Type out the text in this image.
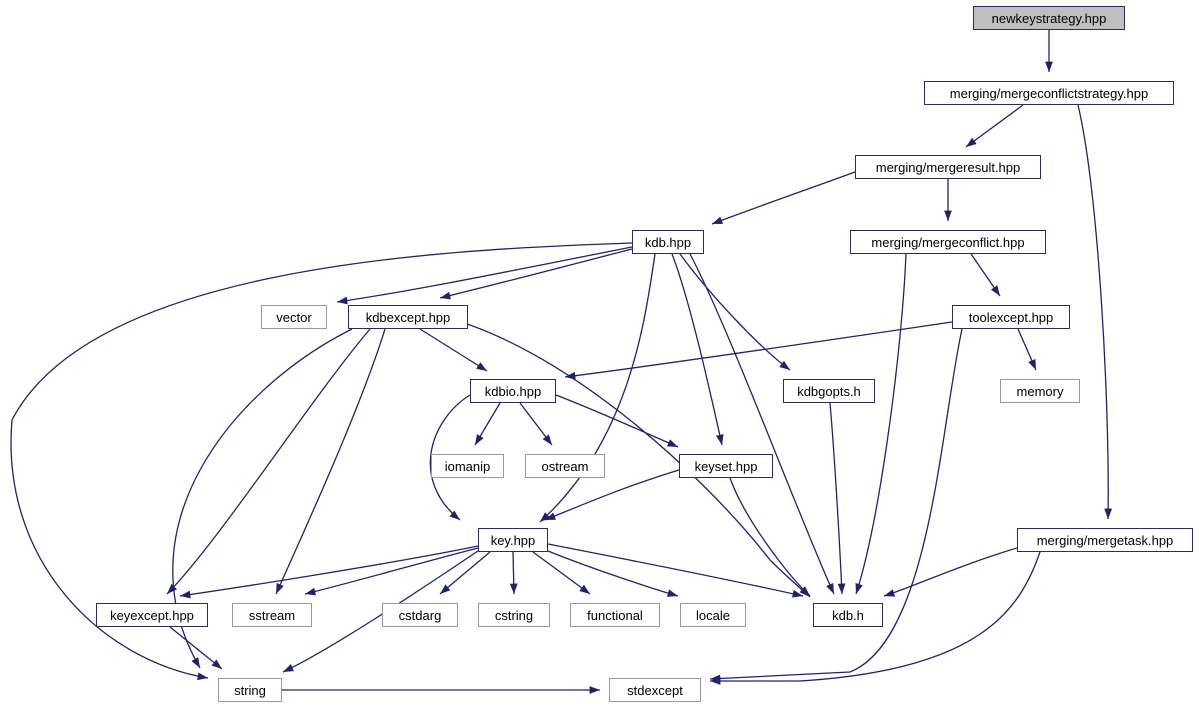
newkeystrategy.hpp
merging/mergeconflictstrategy.hpp
merging/mergeresult.hpp
merging/mergeconflict.hpp
kdb.hpp
toolexcept.hpp
vector	kdbexcept.hpp
kdbio.hpp	kdbgopts.h	memory
iomanip	ostream	keyset.hpp
key.hpp	merging/mergetask.hpp
keyexcept.hpp	sstream	cstdarg	cstring	functional	locale	kdb.h
string	stdexcept
